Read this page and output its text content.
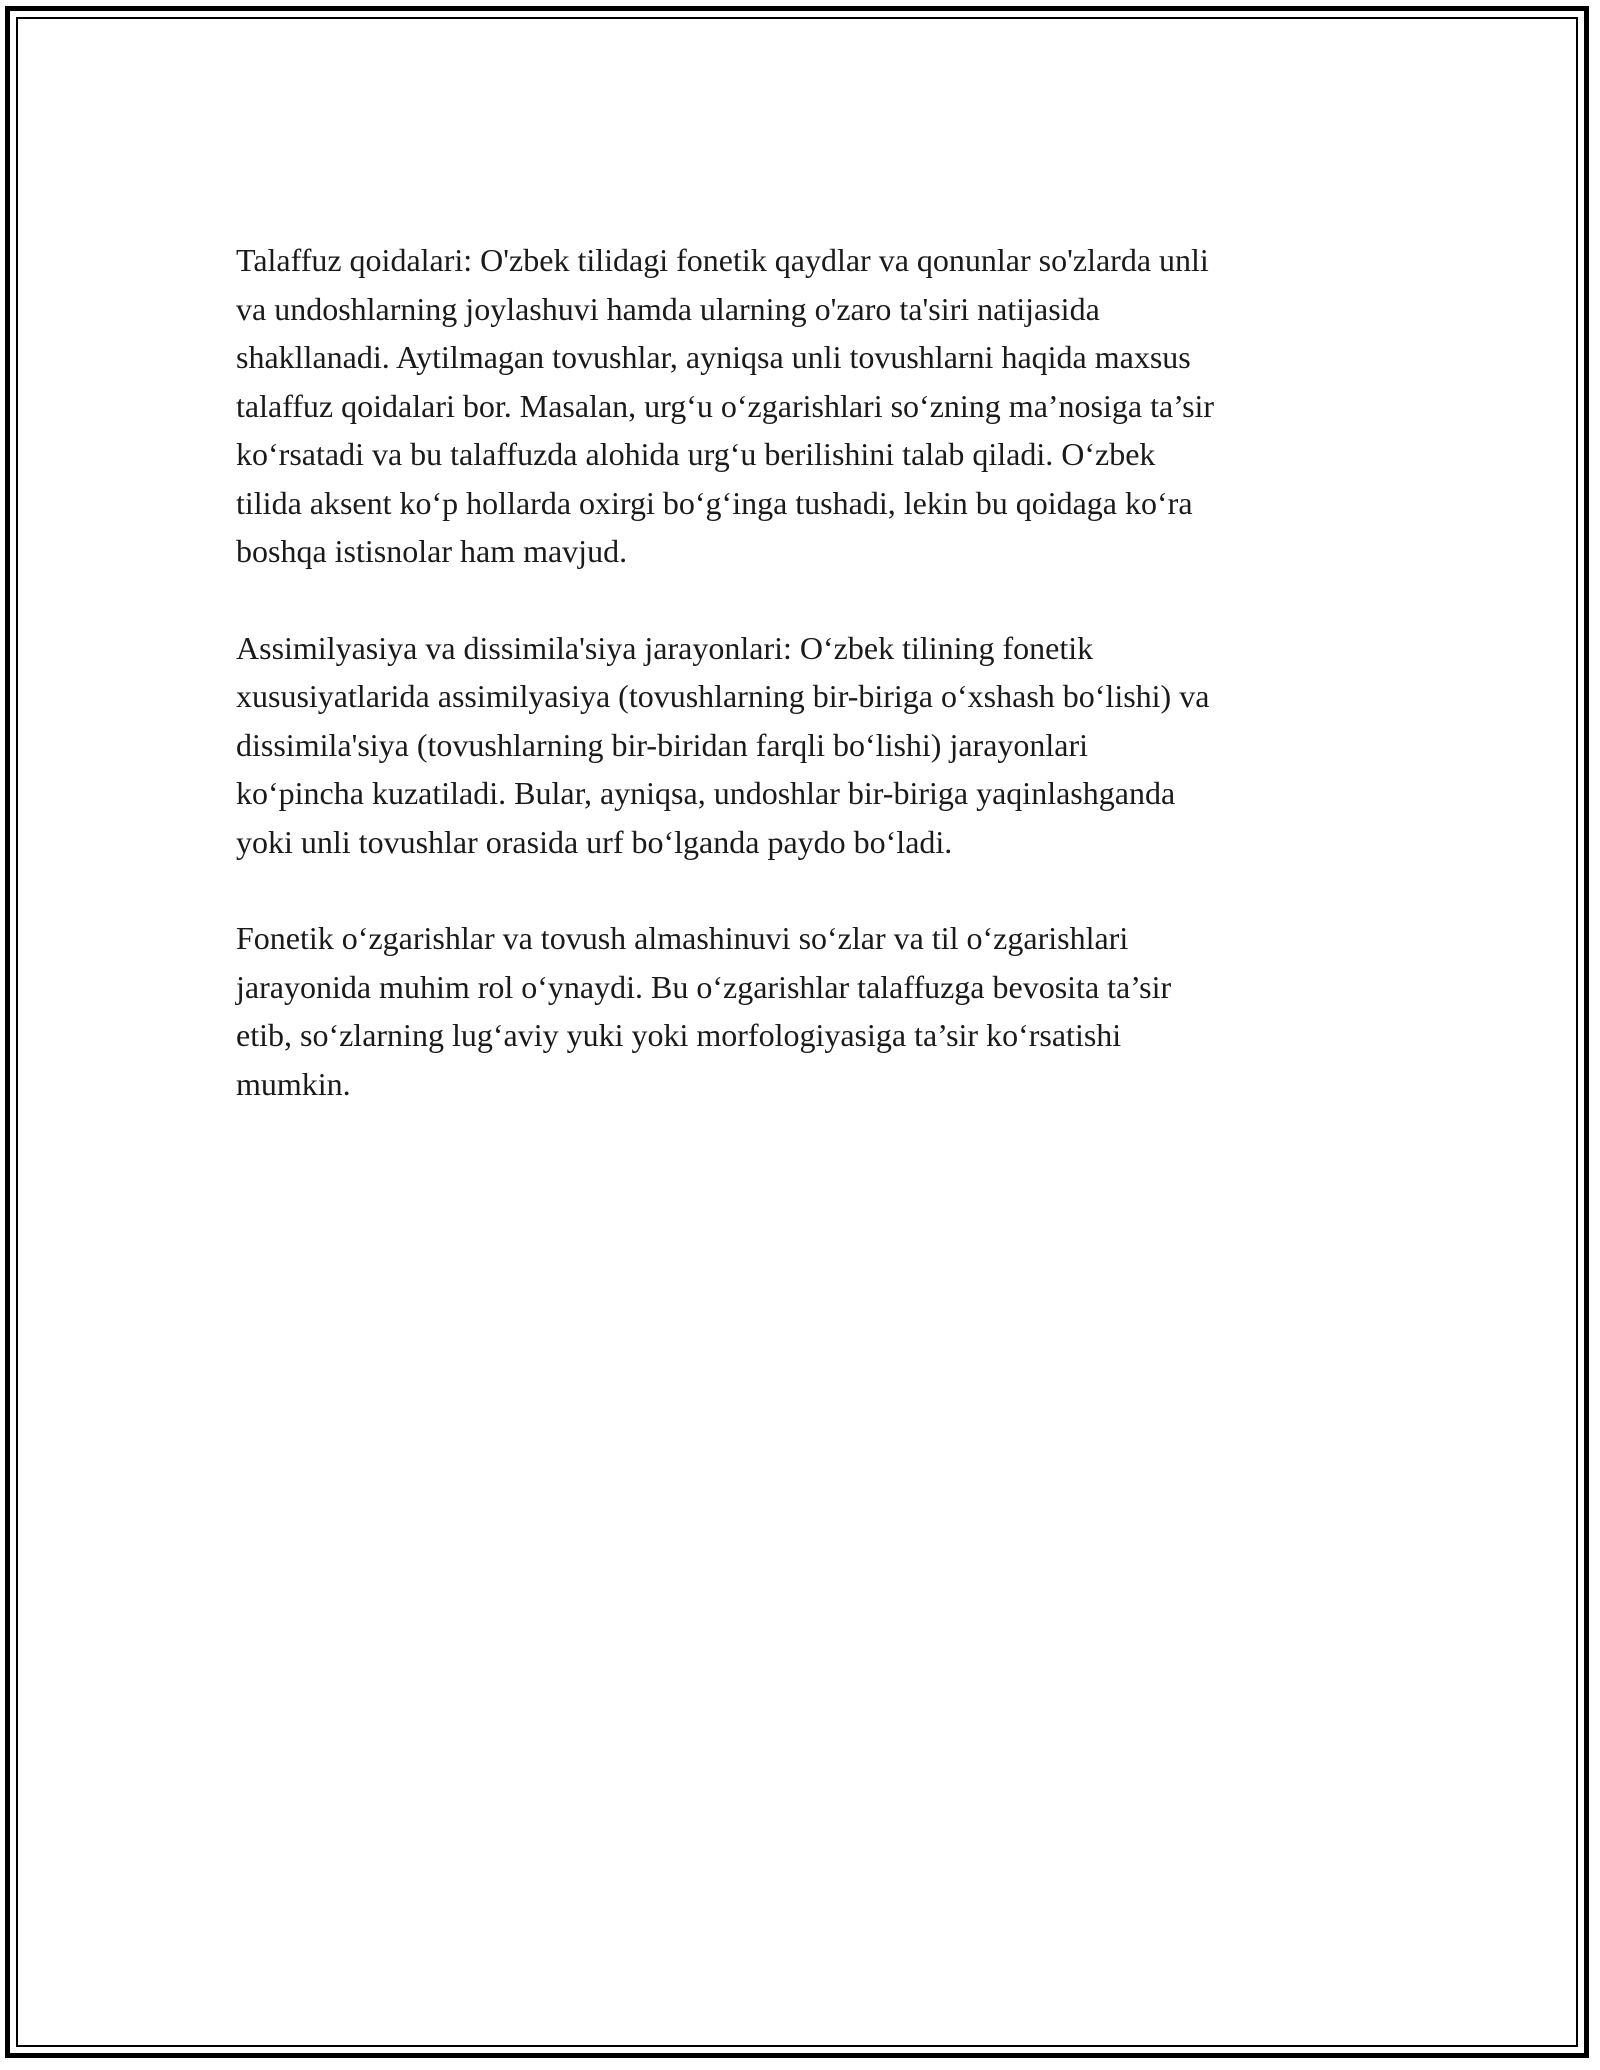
Talaffuz qoidalari: O'zbek tilidagi fonetik qaydlar va qonunlar so'zlarda unli
va undoshlarning joylashuvi hamda ularning o'zaro ta'siri natijasida
shakllanadi. Aytilmagan tovushlar, ayniqsa unli tovushlarni haqida maxsus
talaffuz qoidalari bor. Masalan, urg‘u o‘zgarishlari so‘zning ma’nosiga ta’sir
ko‘rsatadi va bu talaffuzda alohida urg‘u berilishini talab qiladi. O‘zbek
tilida aksent ko‘p hollarda oxirgi bo‘g‘inga tushadi, lekin bu qoidaga ko‘ra
boshqa istisnolar ham mavjud.

Assimilyasiya va dissimila'siya jarayonlari: O‘zbek tilining fonetik
xususiyatlarida assimilyasiya (tovushlarning bir-biriga o‘xshash bo‘lishi) va
dissimila'siya (tovushlarning bir-biridan farqli bo‘lishi) jarayonlari
ko‘pincha kuzatiladi. Bular, ayniqsa, undoshlar bir-biriga yaqinlashganda
yoki unli tovushlar orasida urf bo‘lganda paydo bo‘ladi.

Fonetik o‘zgarishlar va tovush almashinuvi so‘zlar va til o‘zgarishlari
jarayonida muhim rol o‘ynaydi. Bu o‘zgarishlar talaffuzga bevosita ta’sir
etib, so‘zlarning lug‘aviy yuki yoki morfologiyasiga ta’sir ko‘rsatishi
mumkin.
